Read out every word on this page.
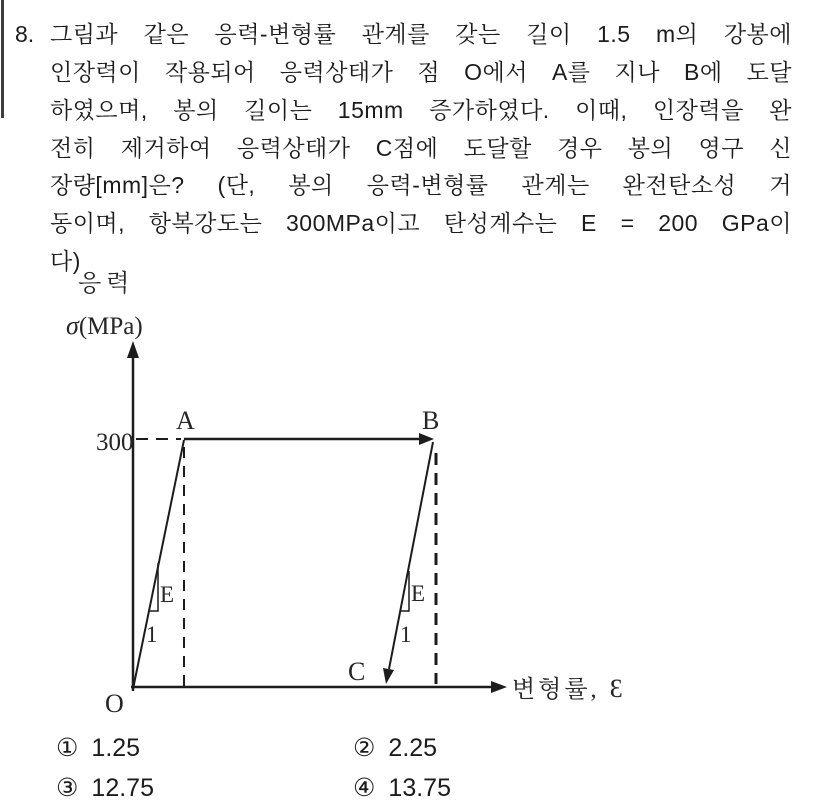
8. 그림과 같은 응력-변형률 관계를 갖는 길이 1.5 m의 강봉에
인장력이 작용되어 응력상태가 점 O에서 A를 지나 B에 도달
하였으며, 봉의 길이는 15mm 증가하였다. 이때, 인장력을 완
전히 제거하여 응력상태가 C점에 도달할 경우 봉의 영구 신
장량[mm]은? (단, 봉의 응력-변형률 관계는 완전탄소성 거
동이며, 항복강도는 300MPa이고 탄성계수는 E = 200 GPa이
다)
응력
σ(MPa)
300
A	B
C
O
E
1
E
1
변형률, Ɛ
① 1.25	② 2.25
③ 12.75	④ 13.75
